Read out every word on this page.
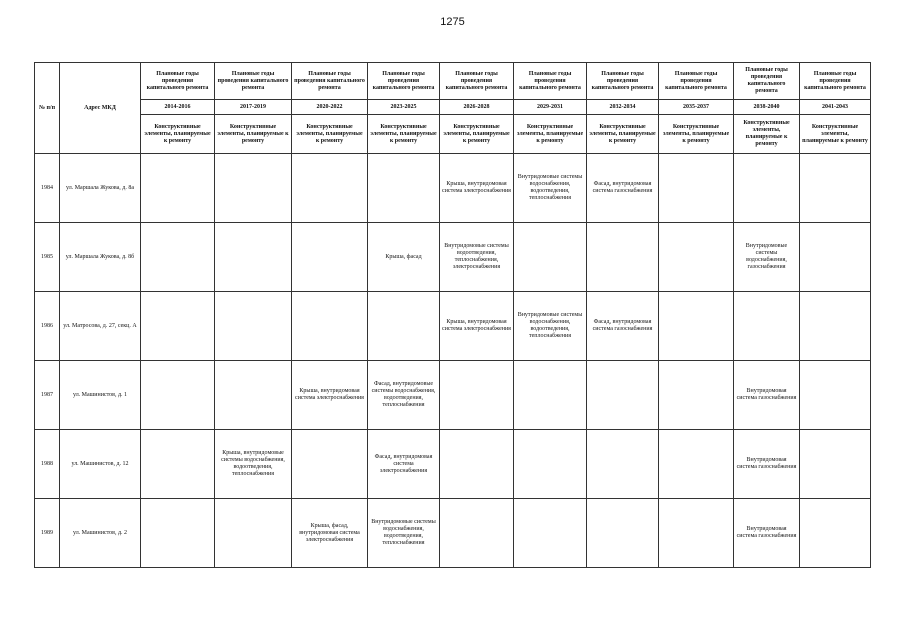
1275
№ п/п	Адрес МКД	Плановые годы проведения капитального ремонта	Плановые годы проведения капитального ремонта	Плановые годы проведения капитального ремонта	Плановые годы проведения капитального ремонта	Плановые годы проведения капитального ремонта	Плановые годы проведения капитального ремонта	Плановые годы проведения капитального ремонта	Плановые годы проведения капитального ремонта	Плановые годы проведения капитального ремонта	Плановые годы проведения капитального ремонта
		2014-2016	2017-2019	2020-2022	2023-2025	2026-2028	2029-2031	2032-2034	2035-2037	2038-2040	2041-2043
		Конструктивные элементы, планируемые к ремонту	Конструктивные элементы, планируемые к ремонту	Конструктивные элементы, планируемые к ремонту	Конструктивные элементы, планируемые к ремонту	Конструктивные элементы, планируемые к ремонту	Конструктивные элементы, планируемые к ремонту	Конструктивные элементы, планируемые к ремонту	Конструктивные элементы, планируемые к ремонту	Конструктивные элементы, планируемые к ремонту	Конструктивные элементы, планируемые к ремонту
1984	ул. Маршала Жукова, д. 8а					Крыша, внутридомовая система электроснабжения	Внутридомовые системы водоснабжения, водоотведения, теплоснабжения	Фасад, внутридомовая система газоснабжения			
1985	ул. Маршала Жукова, д. 8б				Крыша, фасад	Внутридомовые системы водоотведения, теплоснабжения, электроснабжения				Внутридомовые системы водоснабжения, газоснабжения	
1986	ул. Матросова, д. 27, секц. А					Крыша, внутридомовая система электроснабжения	Внутридомовые системы водоснабжения, водоотведения, теплоснабжения	Фасад, внутридомовая система газоснабжения			
1987	ул. Машинистов, д. 1			Крыша, внутридомовая система электроснабжения	Фасад, внутридомовые системы водоснабжения, водоотведения, теплоснабжения					Внутридомовая система газоснабжения	
1988	ул. Машинистов, д. 12		Крыша, внутридомовые системы водоснабжения, водоотведения, теплоснабжения		Фасад, внутридомовая система электроснабжения					Внутридомовая система газоснабжения	
1989	ул. Машинистов, д. 2			Крыша, фасад, внутридомовая система электроснабжения	Внутридомовые системы водоснабжения, водоотведения, теплоснабжения					Внутридомовая система газоснабжения	
